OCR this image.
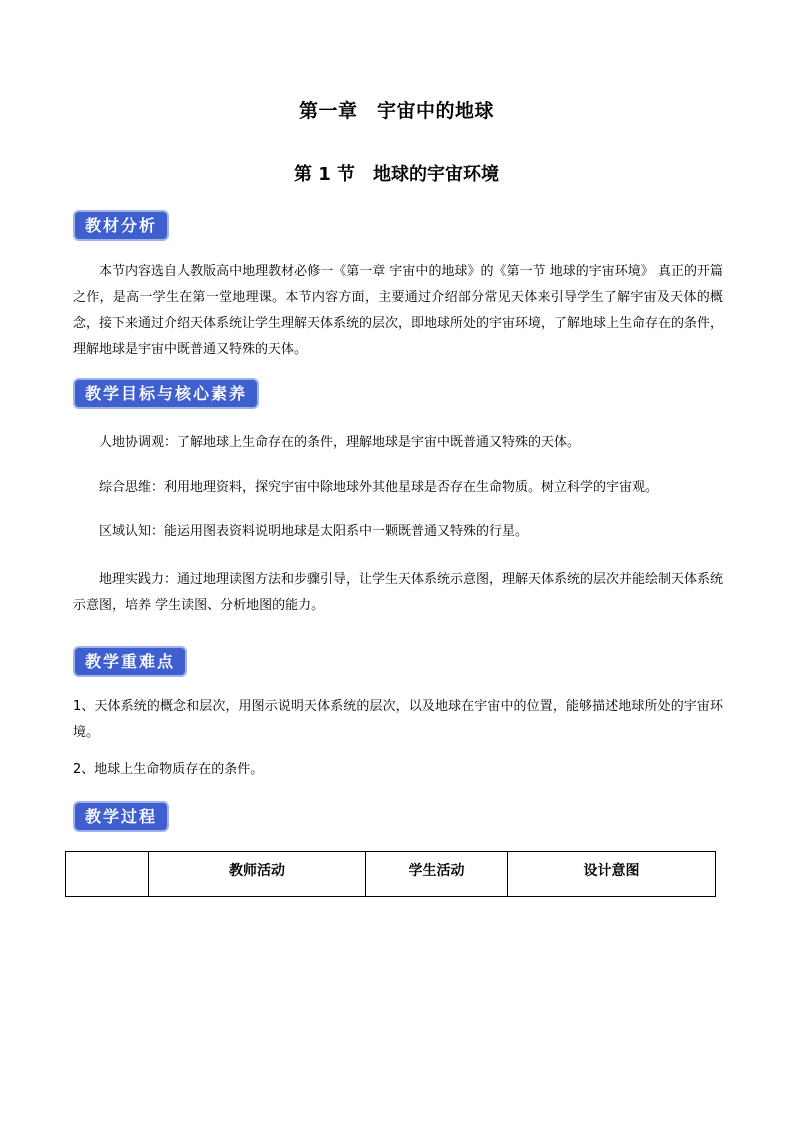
第一章　宇宙中的地球
第 1 节　地球的宇宙环境
教材分析
本节内容选自人教版高中地理教材必修一《第一章 宇宙中的地球》的《第一节 地球的宇宙环境》 真正的开篇之作，是高一学生在第一堂地理课。本节内容方面，主要通过介绍部分常见天体来引导学生了解宇宙及天体的概念，接下来通过介绍天体系统让学生理解天体系统的层次，即地球所处的宇宙环境，了解地球上生命存在的条件，理解地球是宇宙中既普通又特殊的天体。
教学目标与核心素养
人地协调观：了解地球上生命存在的条件，理解地球是宇宙中既普通又特殊的天体。
综合思维：利用地理资料，探究宇宙中除地球外其他星球是否存在生命物质。树立科学的宇宙观。
区域认知：能运用图表资料说明地球是太阳系中一颗既普通又特殊的行星。
地理实践力：通过地理读图方法和步骤引导，让学生天体系统示意图，理解天体系统的层次并能绘制天体系统示意图，培养 学生读图、分析地图的能力。
教学重难点
1、天体系统的概念和层次，用图示说明天体系统的层次，以及地球在宇宙中的位置，能够描述地球所处的宇宙环境。
2、地球上生命物质存在的条件。
教学过程
	教师活动	学生活动	设计意图
